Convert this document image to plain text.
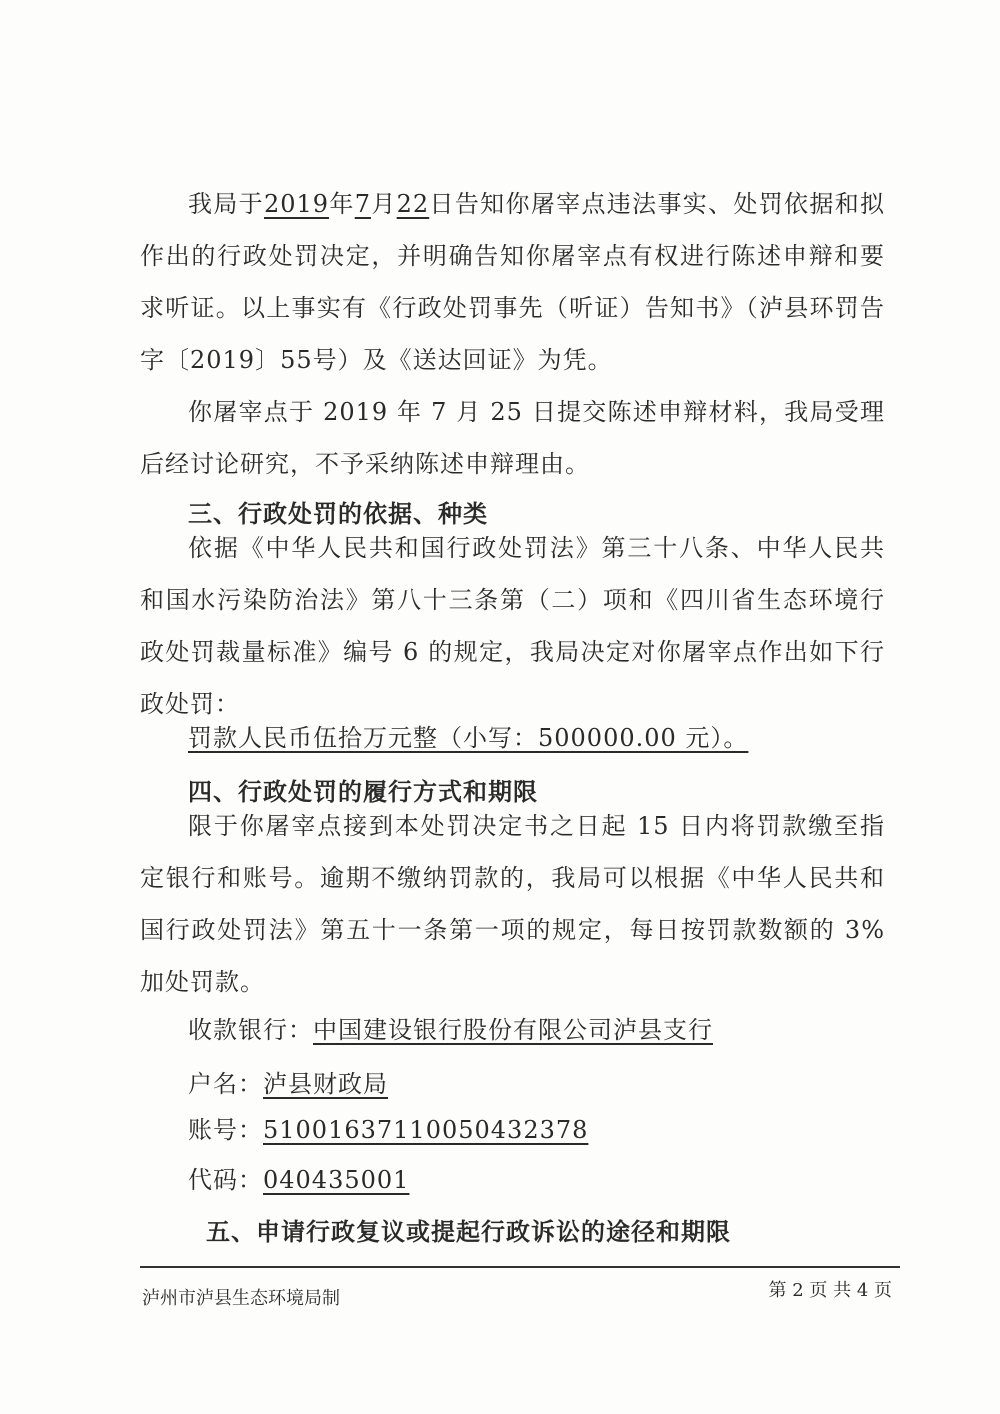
我局于2019年7月22日告知你屠宰点违法事实、处罚依据和拟作出的行政处罚决定，并明确告知你屠宰点有权进行陈述申辩和要求听证。以上事实有《行政处罚事先（听证）告知书》（泸县环罚告字〔2019〕55号）及《送达回证》为凭。

你屠宰点于 2019 年 7 月 25 日提交陈述申辩材料，我局受理后经讨论研究，不予采纳陈述申辩理由。

三、行政处罚的依据、种类

依据《中华人民共和国行政处罚法》第三十八条、中华人民共和国水污染防治法》第八十三条第（二）项和《四川省生态环境行政处罚裁量标准》编号 6 的规定，我局决定对你屠宰点作出如下行政处罚：

罚款人民币伍拾万元整（小写：500000.00 元）。

四、行政处罚的履行方式和期限

限于你屠宰点接到本处罚决定书之日起 15 日内将罚款缴至指定银行和账号。逾期不缴纳罚款的，我局可以根据《中华人民共和国行政处罚法》第五十一条第一项的规定，每日按罚款数额的 3% 加处罚款。

收款银行：中国建设银行股份有限公司泸县支行

户名：泸县财政局

账号：51001637110050432378

代码：040435001

五、申请行政复议或提起行政诉讼的途径和期限

泸州市泸县生态环境局制	第 2 页 共 4 页
